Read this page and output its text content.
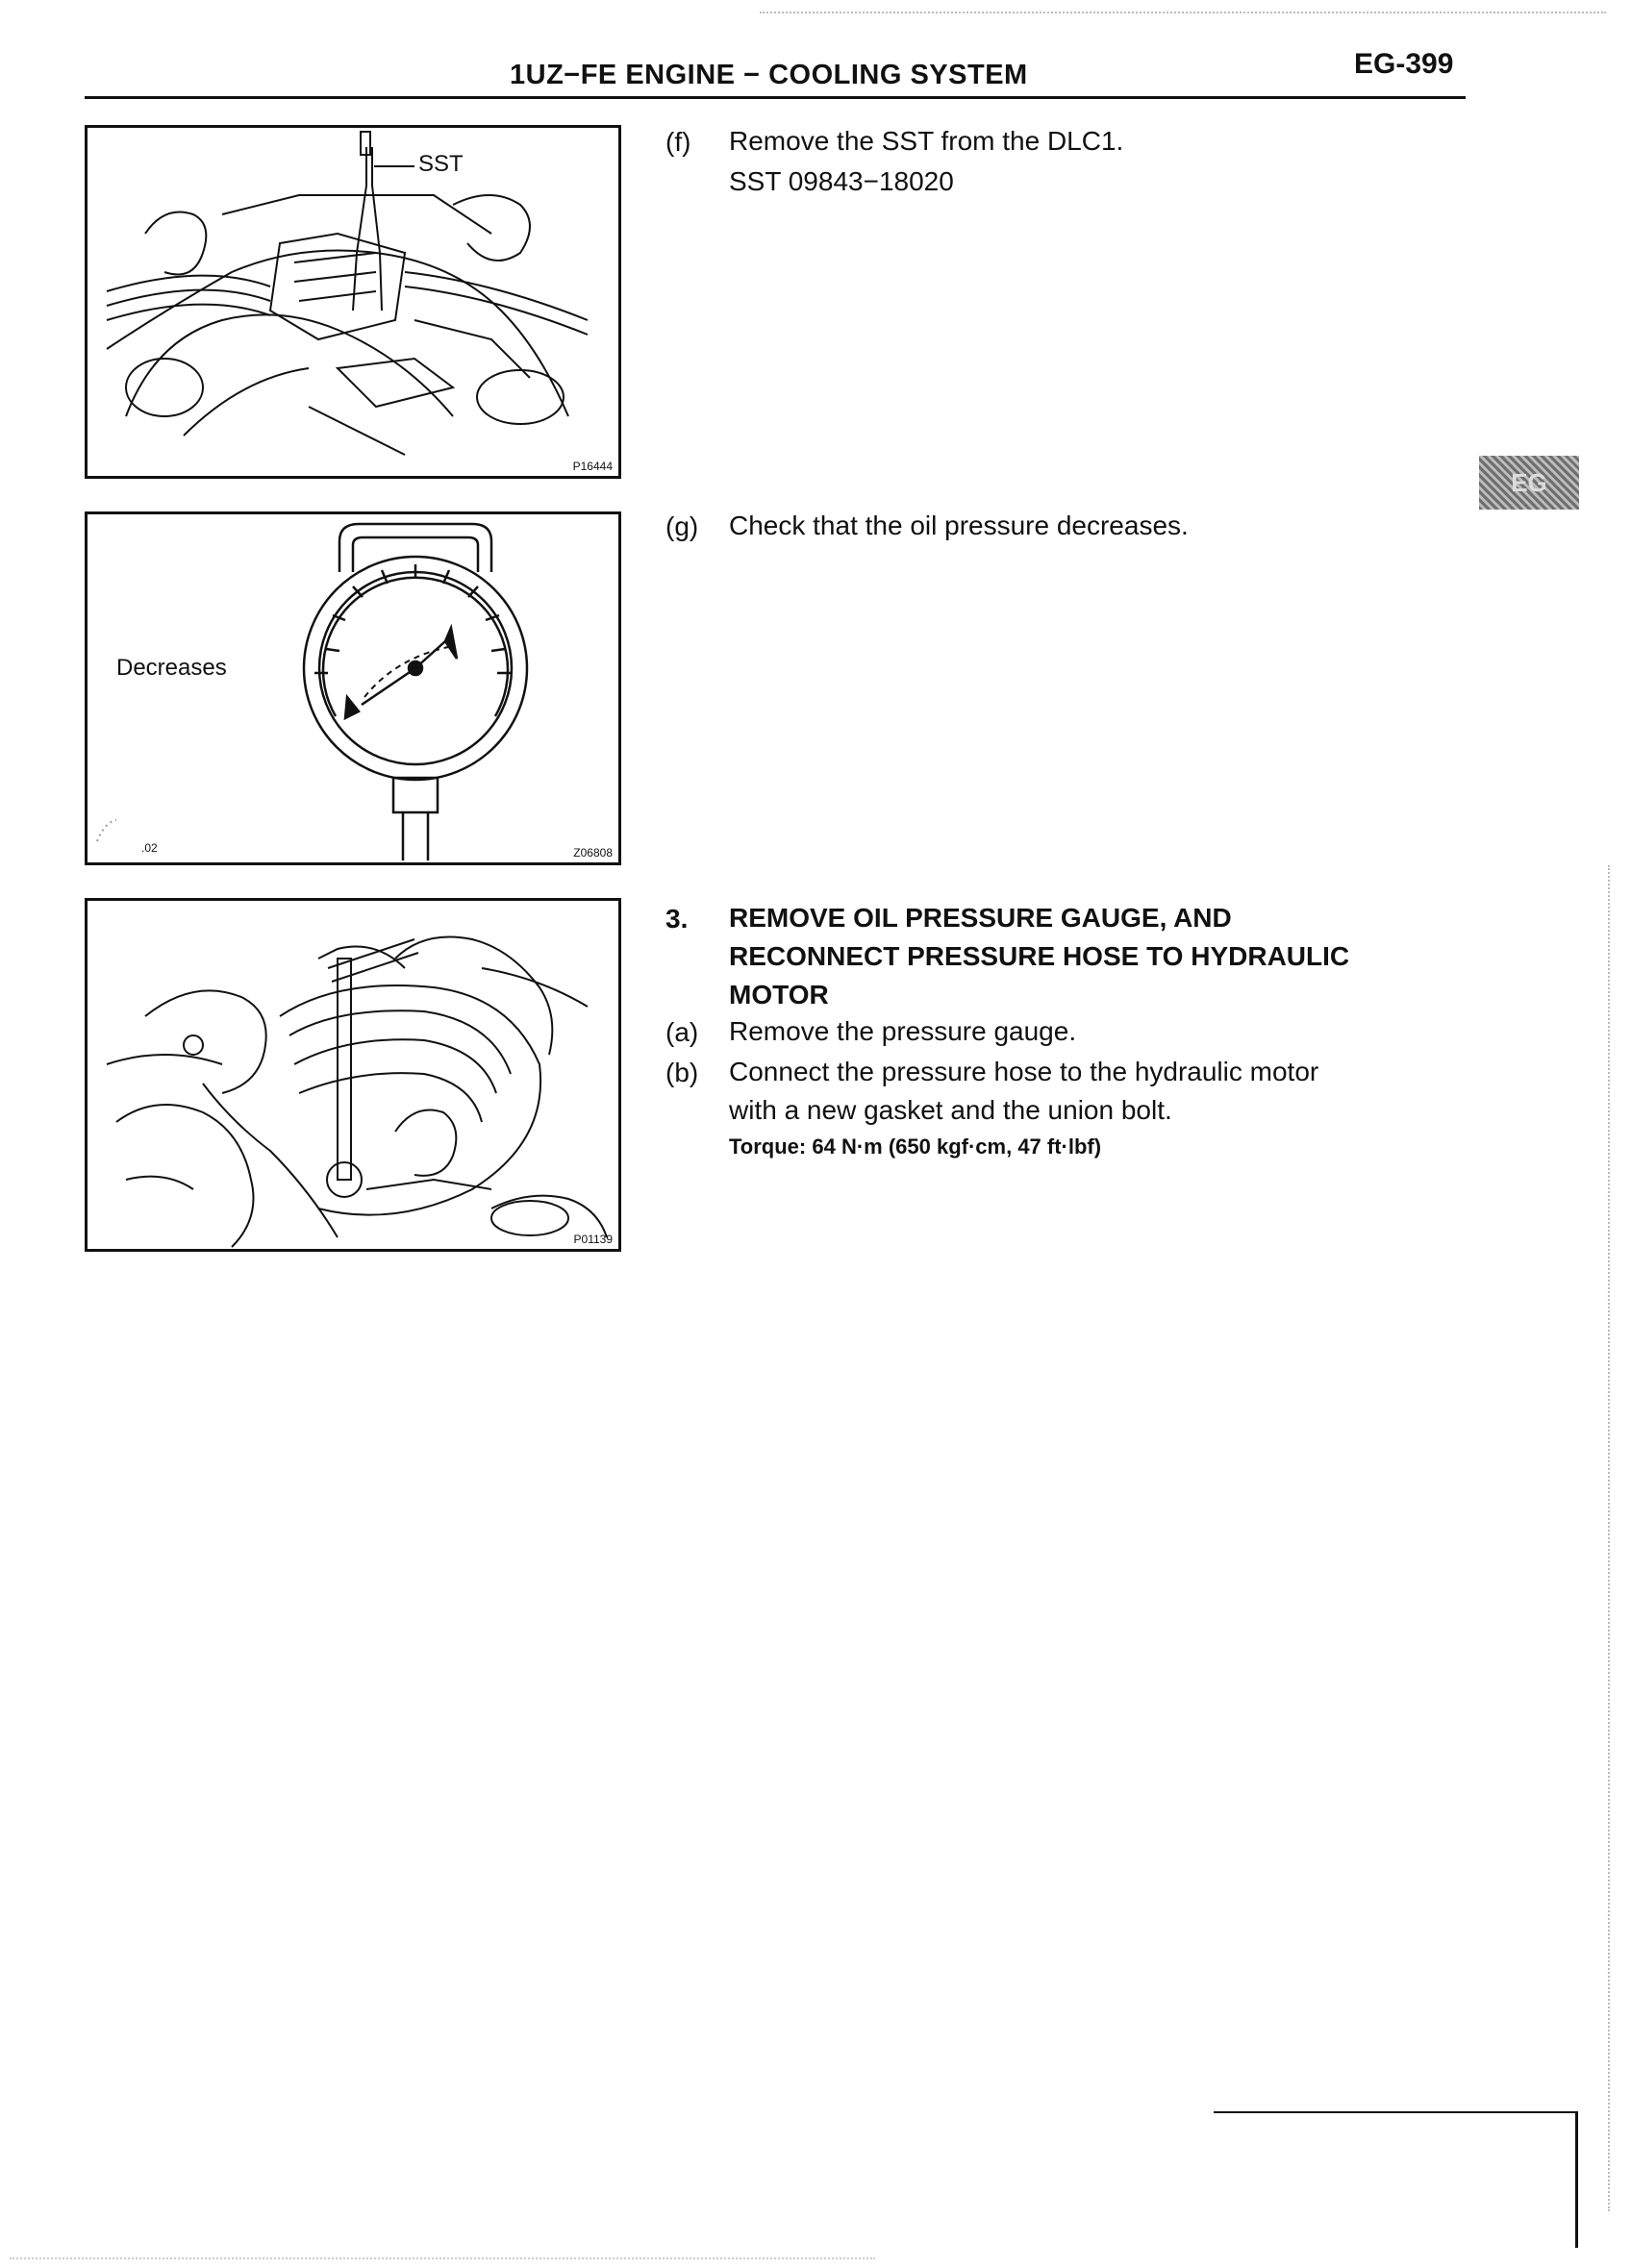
1UZ−FE ENGINE − COOLING SYSTEM	EG-399
EG
SST
P16444
Decreases
.02	Z06808
P01139
(f) Remove the SST from the DLC1.
SST 09843−18020
(g) Check that the oil pressure decreases.
3. REMOVE OIL PRESSURE GAUGE, AND
RECONNECT PRESSURE HOSE TO HYDRAULIC
MOTOR
(a) Remove the pressure gauge.
(b) Connect the pressure hose to the hydraulic motor
with a new gasket and the union bolt.
Torque: 64 N·m (650 kgf·cm, 47 ft·lbf)
